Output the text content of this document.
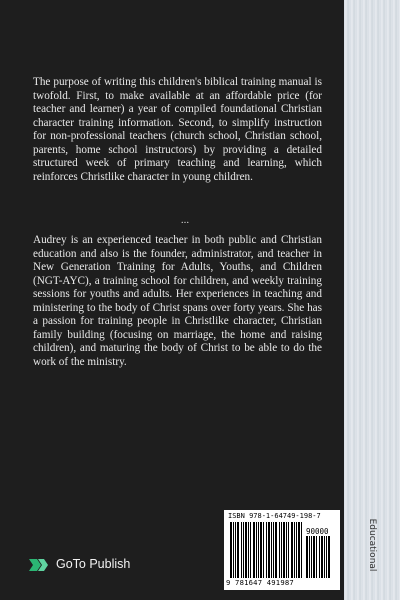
Educational

The purpose of writing this children's biblical training manual is twofold. First, to make available at an affordable price (for teacher and learner) a year of compiled foundational Christian character training information. Second, to simplify instruction for non-professional teachers (church school, Christian school, parents, home school instructors) by providing a detailed structured week of primary teaching and learning, which reinforces Christlike character in young children.

...

Audrey is an experienced teacher in both public and Christian education and also is the founder, administrator, and teacher in New Generation Training for Adults, Youths, and Children (NGT-AYC), a training school for children, and weekly training sessions for youths and adults. Her experiences in teaching and ministering to the body of Christ spans over forty years. She has a passion for training people in Christlike character, Christian family building (focusing on marriage, the home and raising children), and maturing the body of Christ to be able to do the work of the ministry.

ISBN 978-1-64749-198-7
90000
9 781647 491987
GoTo Publish
